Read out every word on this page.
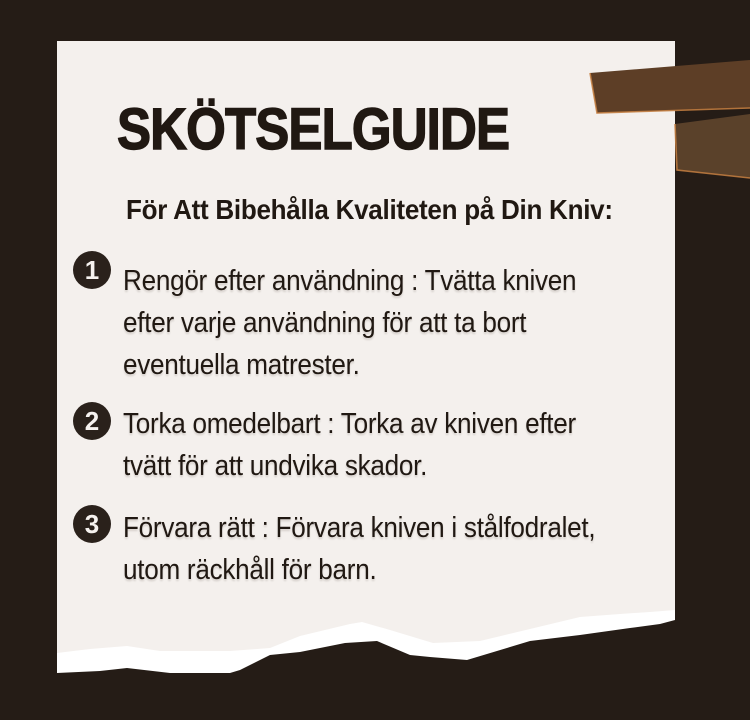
SKÖTSELGUIDE

För Att Bibehålla Kvaliteten på Din Kniv:

1 Rengör efter användning : Tvätta kniven
efter varje användning för att ta bort
eventuella matrester.
2 Torka omedelbart : Torka av kniven efter
tvätt för att undvika skador.
3 Förvara rätt : Förvara kniven i stålfodralet,
utom räckhåll för barn.
